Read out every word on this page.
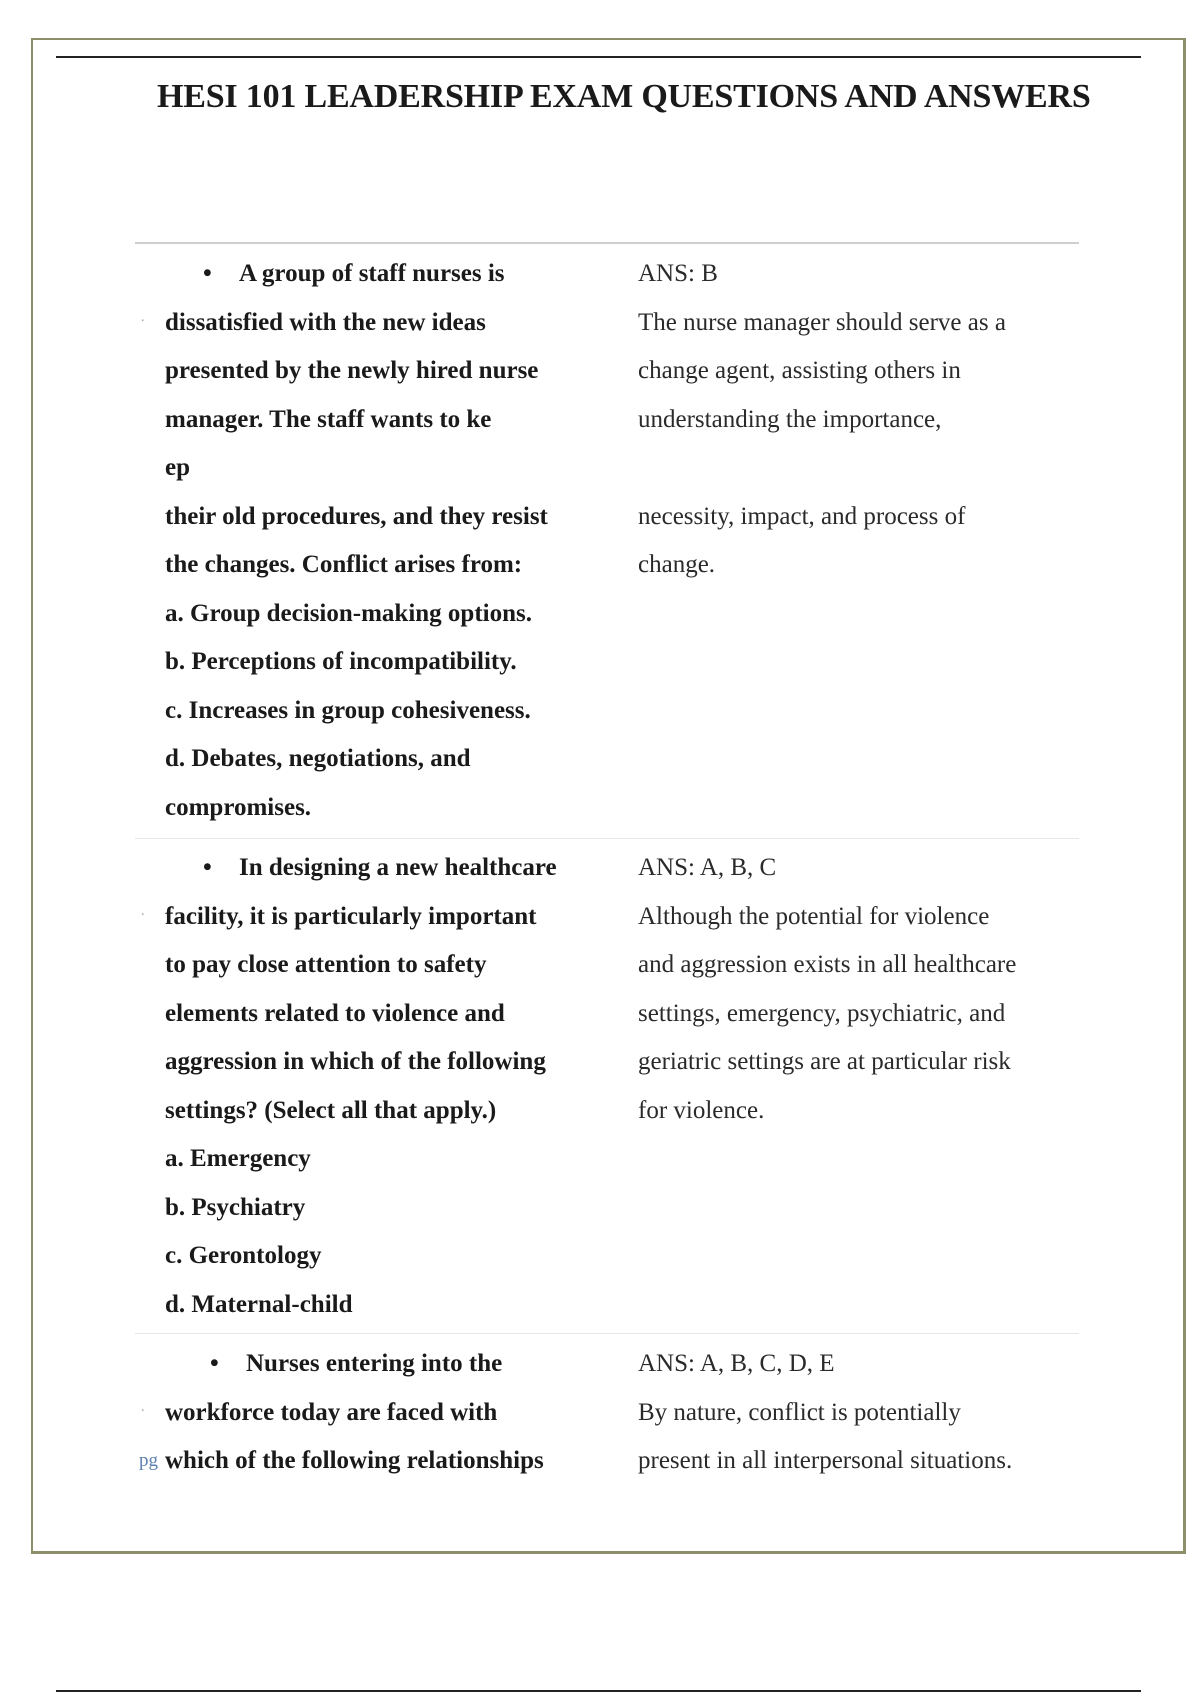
HESI 101 LEADERSHIP EXAM QUESTIONS AND ANSWERS
• A group of staff nurses is
dissatisfied with the new ideas
presented by the newly hired nurse
manager. The staff wants to ke
ep
their old procedures, and they resist
the changes. Conflict arises from:
a. Group decision-making options.
b. Perceptions of incompatibility.
c. Increases in group cohesiveness.
d. Debates, negotiations, and
compromises.
ANS: B
The nurse manager should serve as a
change agent, assisting others in
understanding the importance,
necessity, impact, and process of
change.
.
• In designing a new healthcare
facility, it is particularly important
to pay close attention to safety
elements related to violence and
aggression in which of the following
settings? (Select all that apply.)
a. Emergency
b. Psychiatry
c. Gerontology
d. Maternal-child
ANS: A, B, C
Although the potential for violence
and aggression exists in all healthcare
settings, emergency, psychiatric, and
geriatric settings are at particular risk
for violence.
.
• Nurses entering into the
workforce today are faced with
which of the following relationships
ANS: A, B, C, D, E
By nature, conflict is potentially
present in all interpersonal situations.
.
pg
